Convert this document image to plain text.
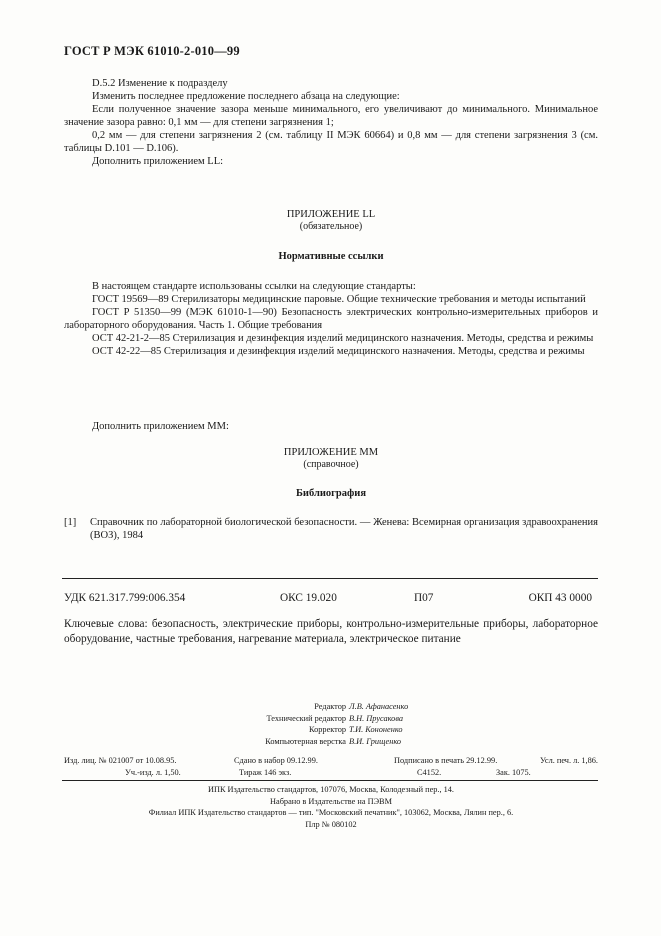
ГОСТ Р МЭК 61010-2-010—99
D.5.2 Изменение к подразделу
Изменить последнее предложение последнего абзаца на следующие:
Если полученное значение зазора меньше минимального, его увеличивают до минимального. Минимальное значение зазора равно: 0,1 мм — для степени загрязнения 1;
0,2 мм — для степени загрязнения 2 (см. таблицу II МЭК 60664) и 0,8 мм — для степени загрязнения 3 (см. таблицы D.101 — D.106).
Дополнить приложением LL:
ПРИЛОЖЕНИЕ LL
(обязательное)
Нормативные ссылки
В настоящем стандарте использованы ссылки на следующие стандарты:
ГОСТ 19569—89 Стерилизаторы медицинские паровые. Общие технические требования и методы испытаний
ГОСТ Р 51350—99 (МЭК 61010-1—90) Безопасность электрических контрольно-измерительных приборов и лабораторного оборудования. Часть 1. Общие требования
ОСТ 42-21-2—85 Стерилизация и дезинфекция изделий медицинского назначения. Методы, средства и режимы
ОСТ 42-22—85 Стерилизация и дезинфекция изделий медицинского назначения. Методы, средства и режимы
Дополнить приложением MM:
ПРИЛОЖЕНИЕ MM
(справочное)
Библиография
[1] Справочник по лабораторной биологической безопасности. — Женева: Всемирная организация здравоохранения (ВОЗ), 1984
УДК 621.317.799:006.354	ОКС 19.020	П07	ОКП 43 0000
Ключевые слова: безопасность, электрические приборы, контрольно-измерительные приборы, лабораторное оборудование, частные требования, нагревание материала, электрическое питание
Редактор Л.В. Афанасенко
Технический редактор В.Н. Прусакова
Корректор Т.И. Кононенко
Компьютерная верстка В.И. Грищенко
Изд. лиц. № 021007 от 10.08.95.	Сдано в набор 09.12.99.	Подписано в печать 29.12.99.	Усл. печ. л. 1,86.
Уч.-изд. л. 1,50.	Тираж 146 экз.	С4152.	Зак. 1075.
ИПК Издательство стандартов, 107076, Москва, Колодезный пер., 14.
Набрано в Издательстве на ПЭВМ
Филиал ИПК Издательство стандартов — тип. "Московский печатник", 103062, Москва, Лялин пер., 6.
Плр № 080102
